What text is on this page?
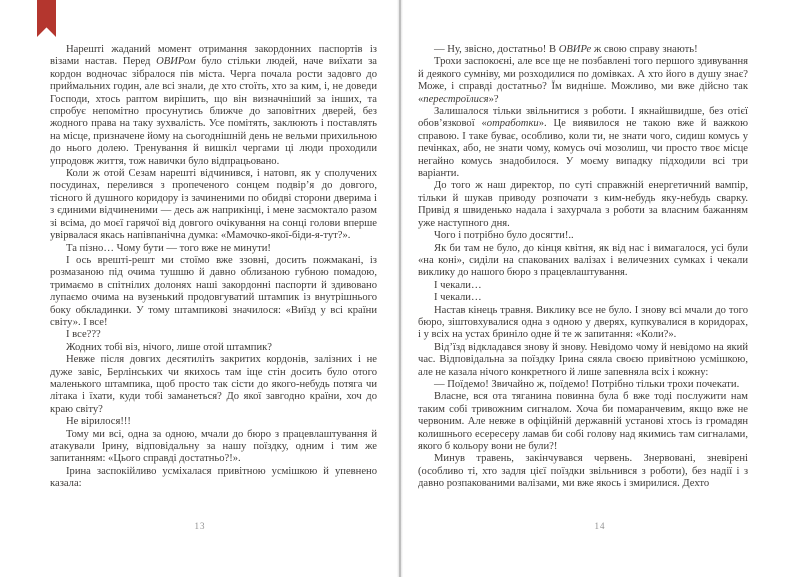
Нарешті жаданий момент отримання закордонних паспортів із візами настав. Перед ОВИРом було стільки людей, наче виїхати за кордон водночас зібралося пів міста. Черга почала рости задовго до приймальних годин, але всі знали, де хто стоїть, хто за ким, і, не доведи Господи, хтось раптом вирішить, що він визначніший за інших, та спробує непомітно просунутись ближче до заповітних дверей, без жодного права на таку зухвалість. Усе помітять, заклюють і поставлять на місце, призначене йому на сьогоднішній день не вельми прихильною до нього долею. Тренування й вишкіл чергами ці люди проходили упродовж життя, тож навички було відпрацьовано.

Коли ж отой Сезам нарешті відчинився, і натовп, як у сполучених посудинах, перелився з пропеченого сонцем подвір’я до довгого, тісного й душного коридору із зачиненими по обидві сторони дверима і з єдиними відчиненими — десь аж наприкінці, і мене засмоктало разом зі всіма, до моєї гарячої від довгого очікування на сонці голови вперше увірвалася якась напівпанічна думка: «Мамочко-якої-біди-я-тут?».

Та пізно… Чому бути — того вже не минути!

І ось врешті-решт ми стоїмо вже ззовні, досить пожмакані, із розмазаною під очима тушшю й давно облизаною губною помадою, тримаємо в спітнілих долонях наші закордонні паспорти й здивовано лупаємо очима на вузенький продовгуватий штампик із внутрішнього боку обкладинки. У тому штампикові значилося: «Виїзд у всі країни світу». І все!

І все???

Жодних тобі віз, нічого, лише отой штампик?

Невже після довгих десятиліть закритих кордонів, залізних і не дуже завіс, Берлінських чи якихось там іще стін досить було отого маленького штампика, щоб просто так сісти до якого-небудь потяга чи літака і їхати, куди тобі заманеться? До якої завгодно країни, хоч до краю світу?

Не вірилося!!!

Тому ми всі, одна за одною, мчали до бюро з працевлаштування й атакували Ірину, відповідальну за нашу поїздку, одним і тим же запитанням: «Цього справді достатньо?!».

Ірина заспокійливо усміхалася привітною усмішкою й упевнено казала:

13

— Ну, звісно, достатньо! В ОВИРе ж свою справу знають!

Трохи заспокоєні, але все ще не позбавлені того першого здивування й деякого сумніву, ми розходилися по домівках. А хто його в душу знає? Може, і справді достатньо? Їм видніше. Можливо, ми вже дійсно так «перестроїлися»?

Залишалося тільки звільнитися з роботи. І якнайшвидше, без отієї обов’язкової «отработки». Це виявилося не такою вже й важкою справою. І таке буває, особливо, коли ти, не знати чого, сидиш комусь у печінках, або, не знати чому, комусь очі мозолиш, чи просто твоє місце негайно комусь знадобилося. У моєму випадку підходили всі три варіанти.

До того ж наш директор, по суті справжній енергетичний вампір, тільки й шукав приводу розпочати з ким-небудь яку-небудь сварку. Привід я швиденько надала і захурчала з роботи за власним бажанням уже наступного дня.

Чого і потрібно було досягти!..

Як би там не було, до кінця квітня, як від нас і вимагалося, усі були «на коні», сиділи на спакованих валізах і величезних сумках і чекали виклику до нашого бюро з працевлаштування.

І чекали…

І чекали…

Настав кінець травня. Виклику все не було. І знову всі мчали до того бюро, зіштовхувалися одна з одною у дверях, купкувалися в коридорах, і у всіх на устах бриніло одне й те ж запитання: «Коли?».

Від’їзд відкладався знову й знову. Невідомо чому й невідомо на який час. Відповідальна за поїздку Ірина сяяла своєю привітною усмішкою, але не казала нічого конкретного й лише запевняла всіх і кожну:

— Поїдемо! Звичайно ж, поїдемо! Потрібно тільки трохи почекати.

Власне, вся ота тяганина повинна була б вже тоді послужити нам таким собі тривожним сигналом. Хоча би помаранчевим, якщо вже не червоним. Але невже в офіційній державній установі хтось із громадян колишнього есересеру ламав би собі голову над якимись там сигналами, якого б кольору вони не були?!

Минув травень, закінчувався червень. Знервовані, зневірені (особливо ті, хто задля цієї поїздки звільнився з роботи), без надії і з давно розпакованими валізами, ми вже якось і змирилися. Дехто

14
